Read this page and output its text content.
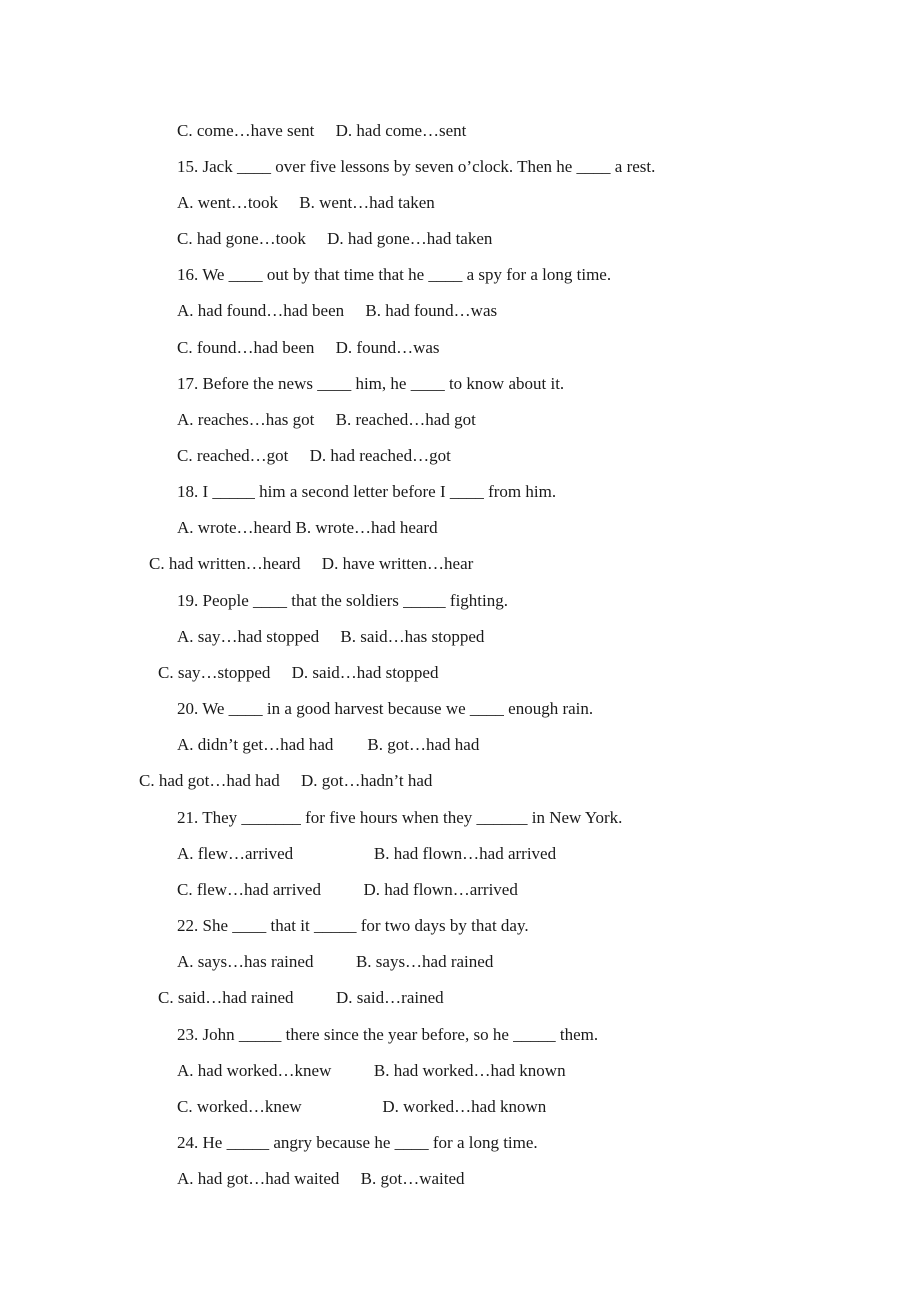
C. come…have sent     D. had come…sent
15. Jack ____ over five lessons by seven o’clock. Then he ____ a rest.
A. went…took     B. went…had taken
C. had gone…took     D. had gone…had taken
16. We ____ out by that time that he ____ a spy for a long time.
A. had found…had been     B. had found…was
C. found…had been     D. found…was
17. Before the news ____ him, he ____ to know about it.
A. reaches…has got     B. reached…had got
C. reached…got     D. had reached…got
18. I _____ him a second letter before I ____ from him.
A. wrote…heard B. wrote…had heard
C. had written…heard     D. have written…hear
19. People ____ that the soldiers _____ fighting.
A. say…had stopped     B. said…has stopped
C. say…stopped     D. said…had stopped
20. We ____ in a good harvest because we ____ enough rain.
A. didn’t get…had had        B. got…had had
C. had got…had had     D. got…hadn’t had
21. They _______ for five hours when they ______ in New York.
A. flew…arrived                   B. had flown…had arrived
C. flew…had arrived          D. had flown…arrived
22. She ____ that it _____ for two days by that day.
A. says…has rained          B. says…had rained
C. said…had rained          D. said…rained
23. John _____ there since the year before, so he _____ them.
A. had worked…knew          B. had worked…had known
C. worked…knew                   D. worked…had known
24. He _____ angry because he ____ for a long time.
A. had got…had waited     B. got…waited
